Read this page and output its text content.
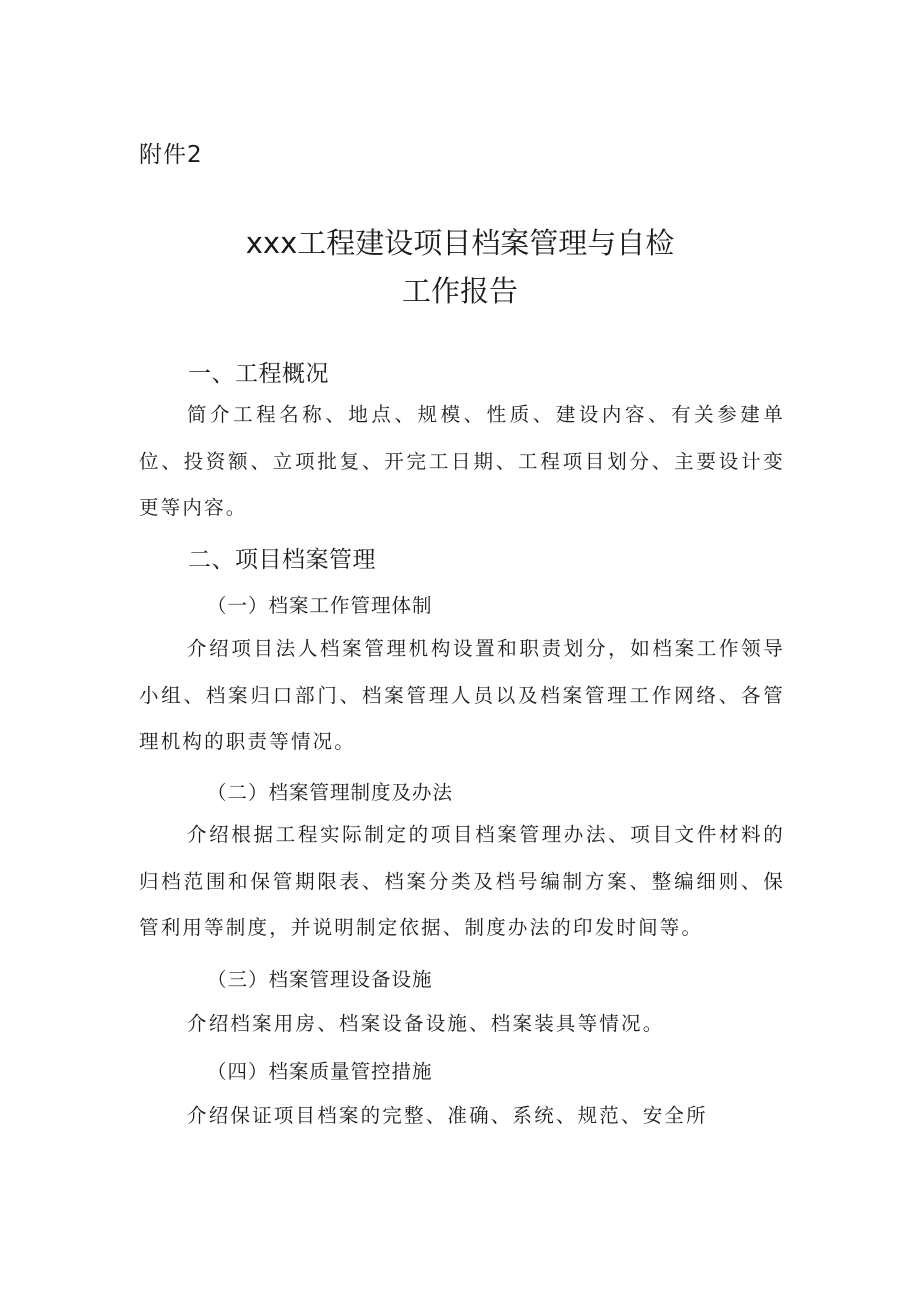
附件2
xxx工程建设项目档案管理与自检
工作报告
一、工程概况
简介工程名称、地点、规模、性质、建设内容、有关参建单位、投资额、立项批复、开完工日期、工程项目划分、主要设计变更等内容。
二、项目档案管理
（一）档案工作管理体制
介绍项目法人档案管理机构设置和职责划分，如档案工作领导小组、档案归口部门、档案管理人员以及档案管理工作网络、各管理机构的职责等情况。
（二）档案管理制度及办法
介绍根据工程实际制定的项目档案管理办法、项目文件材料的归档范围和保管期限表、档案分类及档号编制方案、整编细则、保管利用等制度，并说明制定依据、制度办法的印发时间等。
（三）档案管理设备设施
介绍档案用房、档案设备设施、档案装具等情况。
（四）档案质量管控措施
介绍保证项目档案的完整、准确、系统、规范、安全所
